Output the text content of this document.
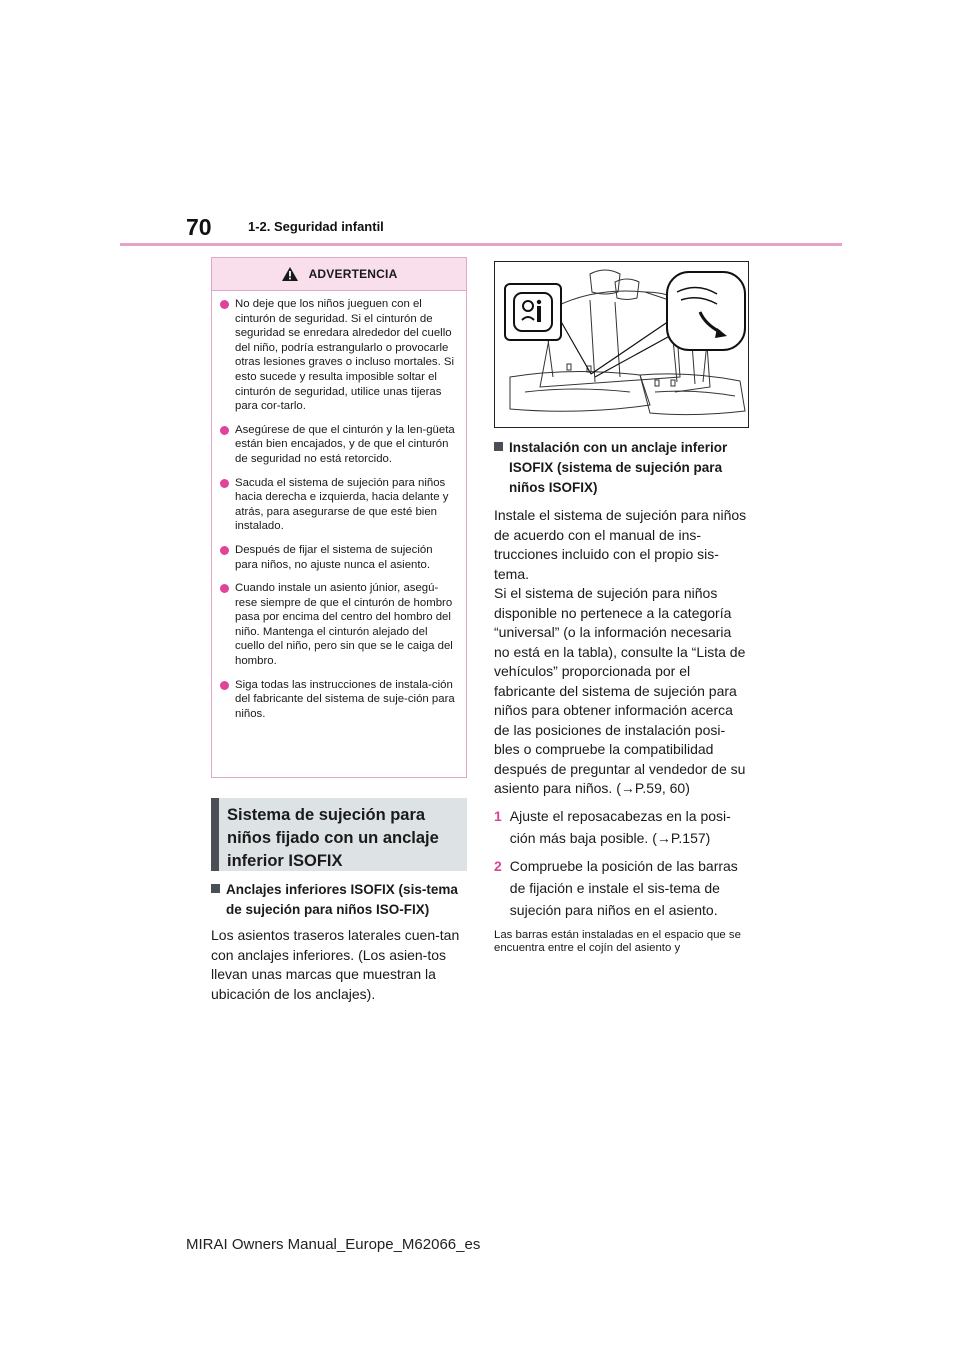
70	1-2. Seguridad infantil
ADVERTENCIA
No deje que los niños jueguen con el cinturón de seguridad. Si el cinturón de seguridad se enredara alrededor del cuello del niño, podría estrangularlo o provocarle otras lesiones graves o incluso mortales. Si esto sucede y resulta imposible soltar el cinturón de seguridad, utilice unas tijeras para cor-tarlo.
Asegúrese de que el cinturón y la len-güeta están bien encajados, y de que el cinturón de seguridad no está retorcido.
Sacuda el sistema de sujeción para niños hacia derecha e izquierda, hacia delante y atrás, para asegurarse de que esté bien instalado.
Después de fijar el sistema de sujeción para niños, no ajuste nunca el asiento.
Cuando instale un asiento júnior, asegú-rese siempre de que el cinturón de hombro pasa por encima del centro del hombro del niño. Mantenga el cinturón alejado del cuello del niño, pero sin que se le caiga del hombro.
Siga todas las instrucciones de instala-ción del fabricante del sistema de suje-ción para niños.
Sistema de sujeción para niños fijado con un anclaje inferior ISOFIX
Anclajes inferiores ISOFIX (sis-tema de sujeción para niños ISO-FIX)
Los asientos traseros laterales cuen-tan con anclajes inferiores. (Los asien-tos llevan unas marcas que muestran la ubicación de los anclajes).
Instalación con un anclaje inferior ISOFIX (sistema de sujeción para niños ISOFIX)
Instale el sistema de sujeción para niños de acuerdo con el manual de ins-trucciones incluido con el propio sis-tema.
Si el sistema de sujeción para niños disponible no pertenece a la categoría “universal” (o la información necesaria no está en la tabla), consulte la “Lista de vehículos” proporcionada por el fabricante del sistema de sujeción para niños para obtener información acerca de las posiciones de instalación posi-bles o compruebe la compatibilidad después de preguntar al vendedor de su asiento para niños. (→P.59, 60)
1 Ajuste el reposacabezas en la posi-ción más baja posible. (→P.157)
2 Compruebe la posición de las barras de fijación e instale el sis-tema de sujeción para niños en el asiento.
Las barras están instaladas en el espacio que se encuentra entre el cojín del asiento y
MIRAI Owners Manual_Europe_M62066_es
